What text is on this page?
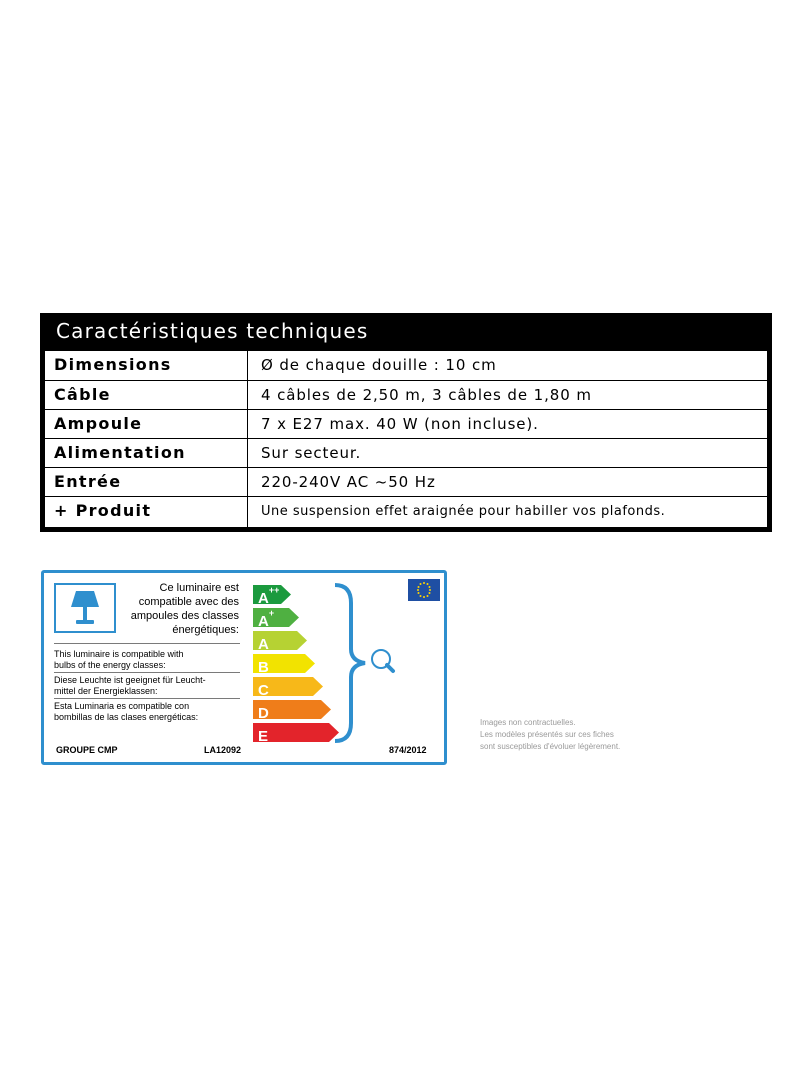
Caractéristiques techniques
Dimensions	Ø de chaque douille : 10 cm
Câble	4 câbles de 2,50 m, 3 câbles de 1,80 m
Ampoule	7 x E27 max. 40 W (non incluse).
Alimentation	Sur secteur.
Entrée	220-240V AC ~50 Hz
+ Produit	Une suspension effet araignée pour habiller vos plafonds.
Ce luminaire est
compatible avec des
ampoules des classes
énergétiques:
This luminaire is compatible with
bulbs of the energy classes:
Diese Leuchte ist geeignet für Leucht-
mittel der Energieklassen:
Esta Luminaria es compatible con
bombillas de las clases energéticas:
A++
A+
A
B
C
D
E
GROUPE CMP	LA12092	874/2012
Images non contractuelles.
Les modèles présentés sur ces fiches
sont susceptibles d'évoluer légèrement.
